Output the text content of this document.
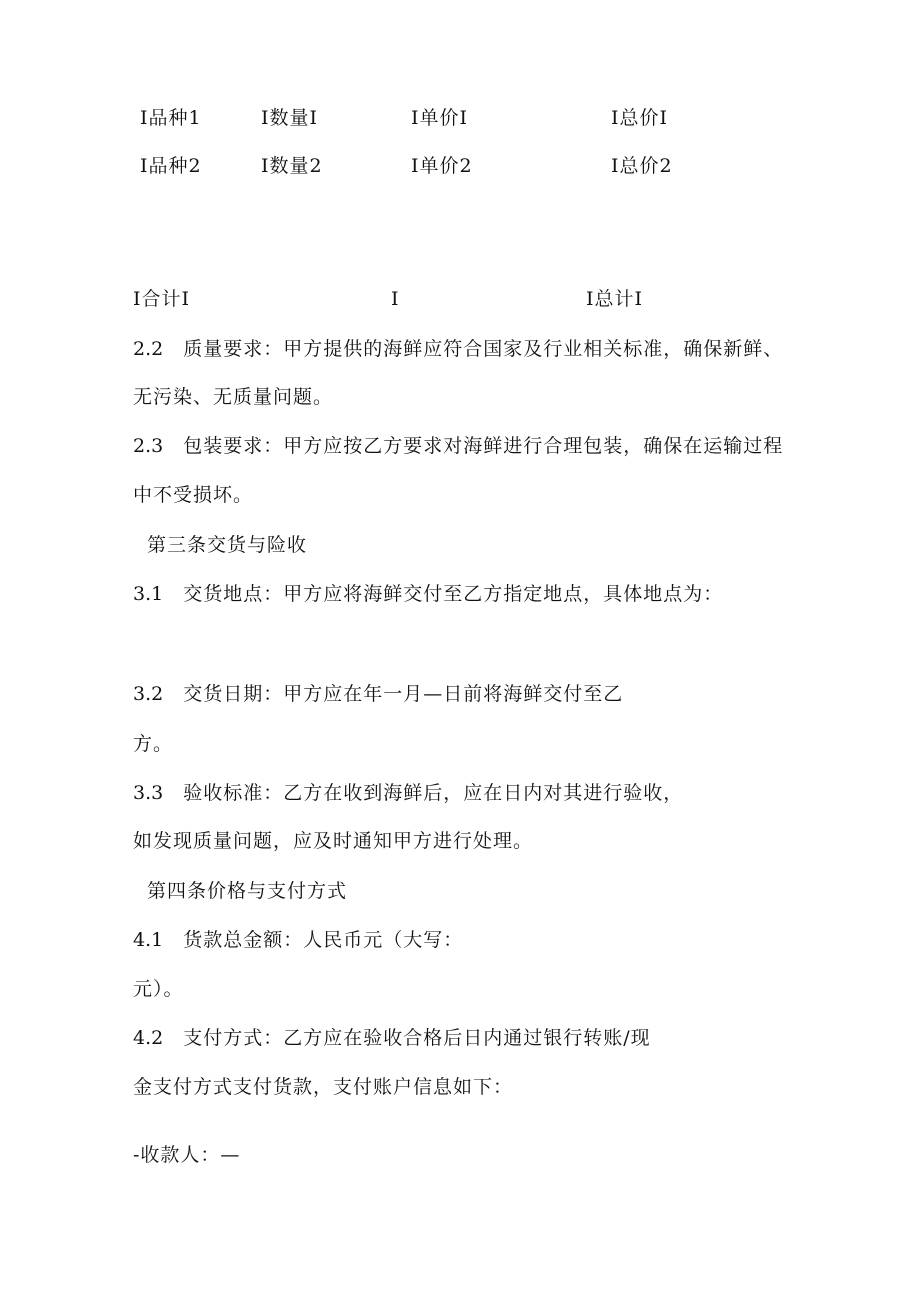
I品种1	I数量I	I单价I	I总价I
I品种2	I数量2	I单价2	I总价2
I合计I	I	I总计I
2.2 质量要求：甲方提供的海鲜应符合国家及行业相关标准，确保新鲜、
无污染、无质量问题。
2.3 包装要求：甲方应按乙方要求对海鲜进行合理包装，确保在运输过程
中不受损坏。
第三条交货与险收
3.1 交货地点：甲方应将海鲜交付至乙方指定地点，具体地点为：
3.2 交货日期：甲方应在年一月—日前将海鲜交付至乙
方。
3.3 验收标准：乙方在收到海鲜后，应在日内对其进行验收，
如发现质量问题，应及时通知甲方进行处理。
第四条价格与支付方式
4.1 货款总金额：人民币元（大写：
元）。
4.2 支付方式：乙方应在验收合格后日内通过银行转账/现
金支付方式支付货款，支付账户信息如下：
-收款人：—
